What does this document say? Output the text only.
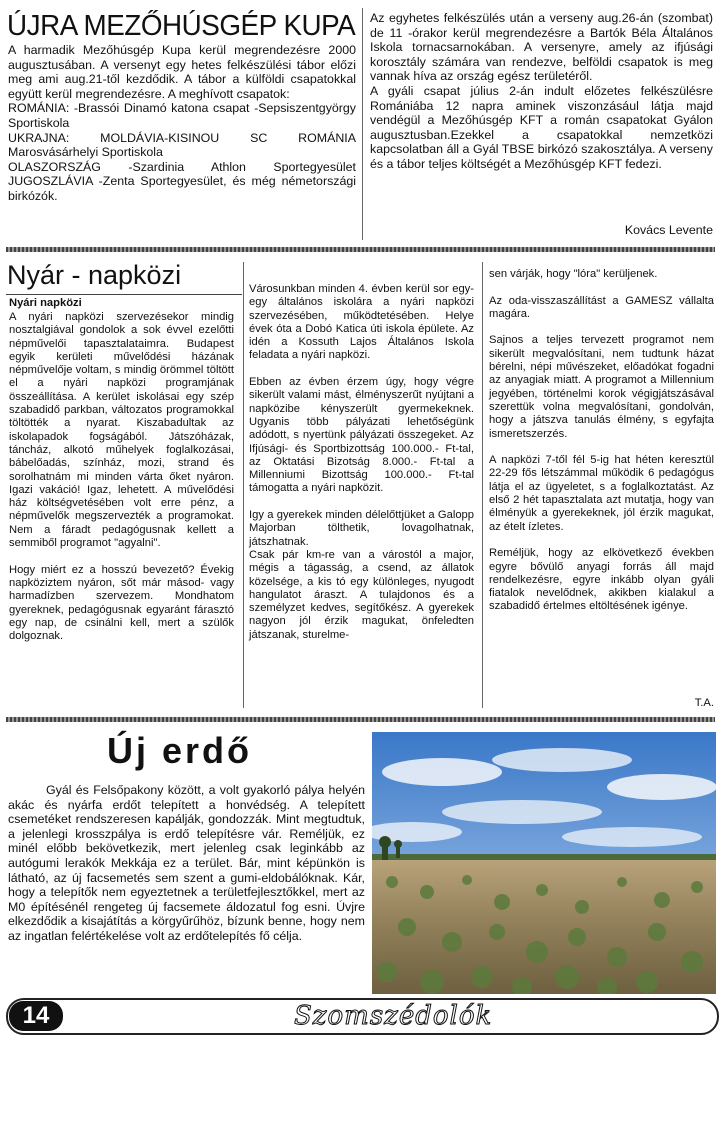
ÚJRA MEZŐHÚSGÉP KUPA
A harmadik Mezőhúsgép Kupa kerül megrendezésre 2000 augusztusában. A versenyt egy hetes felkészülési tábor előzi meg ami aug.21-től kezdődik. A tábor a külföldi csapatokkal együtt kerül megrendezésre. A meghívott csapatok:
ROMÁNIA: -Brassói Dinamó katona csapat -Sepsiszentgyörgy Sportiskola
UKRAJNA: MOLDÁVIA-KISINOU SC ROMÁNIA Marosvásárhelyi Sportiskola
OLASZORSZÁG -Szardinia Athlon Sportegyesület JUGOSZLÁVIA -Zenta Sportegyesület, és még németországi birkózók.
Az egyhetes felkészülés után a verseny aug.26-án (szombat) de 11 -órakor kerül megrendezésre a Bartók Béla Általános Iskola tornacsarnokában. A versenyre, amely az ifjúsági korosztály számára van rendezve, belföldi csapatok is meg vannak híva az ország egész területéről.
A gyáli csapat július 2-án indult előzetes felkészülésre Romániába 12 napra aminek viszonzásául látja majd vendégül a Mezőhúsgép KFT a román csapatokat Gyálon augusztusban.Ezekkel a csapatokkal nemzetközi kapcsolatban áll a Gyál TBSE birkózó szakosztálya. A verseny és a tábor teljes költségét a Mezőhúsgép KFT fedezi.
Kovács Levente
Nyár - napközi
Nyári napközi
A nyári napközi szervezésekor mindig nosztalgiával gondolok a sok évvel ezelőtti népművelői tapasztalataimra. Budapest egyik kerületi művelődési házának népművelője voltam, s mindig örömmel töltött el a nyári napközi programjának összeállítása. A kerület iskolásai egy szép szabadidő parkban, változatos programokkal töltötték a nyarat. Kiszabadultak az iskolapadok fogságából. Játszóházak, táncház, alkotó műhelyek foglalkozásai, bábelőadás, színház, mozi, strand és sorolhatnám mi minden várta őket nyáron. Igazi vakáció! Igaz, lehetett. A művelődési ház költségvetésében volt erre pénz, a népművelők megszervezték a programokat. Nem a fáradt pedagógusnak kellett a semmiből programot "agyalni".

Hogy miért ez a hosszú bevezető? Évekig napköziztem nyáron, sőt már másod- vagy harmadízben szervezem. Mondhatom gyereknek, pedagógusnak egyaránt fárasztó egy nap, de csinálni kell, mert a szülők dolgoznak.
Városunkban minden 4. évben kerül sor egy-egy általános iskolára a nyári napközi szervezésében, működtetésében. Helye évek óta a Dobó Katica úti iskola épülete. Az idén a Kossuth Lajos Általános Iskola feladata a nyári napközi.

Ebben az évben érzem úgy, hogy végre sikerült valami mást, élményszerűt nyújtani a napközibe kényszerült gyermekeknek. Ugyanis több pályázati lehetőségünk adódott, s nyertünk pályázati összegeket. Az Ifjúsági- és Sportbizottság 100.000.- Ft-tal, az Oktatási Bizotság 8.000.- Ft-tal a Millenniumi Bizottság 100.000.- Ft-tal támogatta a nyári napközit.

Igy a gyerekek minden délelőttjüket a Galopp Majorban tölthetik, lovagolhatnak, játszhatnak.
Csak pár km-re van a várostól a major, mégis a tágasság, a csend, az állatok közelsége, a kis tó egy különleges, nyugodt hangulatot áraszt. A tulajdonos és a személyzet kedves, segítőkész. A gyerekek nagyon jól érzik magukat, önfeledten játszanak, sturelme-
sen várják, hogy "lóra" kerüljenek.

Az oda-visszaszállítást a GAMESZ vállalta magára.

Sajnos a teljes tervezett programot nem sikerült megvalósítani, nem tudtunk házat bérelni, népi művészeket, előadókat fogadni az anyagiak miatt. A programot a Millennium jegyében, történelmi korok végigjátszásával szerettük volna megvalósítani, gondolván, hogy a játszva tanulás élmény, s egyfajta ismeretszerzés.

A napközi 7-től fél 5-ig hat héten keresztül 22-29 fős létszámmal működik 6 pedagógus látja el az ügyeletet, s a foglalkoztatást. Az első 2 hét tapasztalata azt mutatja, hogy van élményük a gyerekeknek, jól érzik magukat, az ételt ízletes.

Reméljük, hogy az elkövetkező években egyre bővülő anyagi forrás áll majd rendelkezésre, egyre inkább olyan gyáli fiatalok nevelődnek, akikben kialakul a szabadidő értelmes eltöltésének igénye.
T.A.
Új erdő
Gyál és Felsőpakony között, a volt gyakorló pálya helyén akác és nyárfa erdőt telepített a honvédség. A telepített csemetéket rendszeresen kapálják, gondozzák. Mint megtudtuk, a jelenlegi krosszpálya is erdő telepítésre vár. Reméljük, ez minél előbb bekövetkezik, mert jelenleg csak leginkább az autógumi lerakók Mekkája ez a terület. Bár, mint képünkön is látható, az új facsemetés sem szent a gumi-eldobálóknak. Kár, hogy a telepítők nem egyeztetnek a területfejlesztőkkel, mert az M0 építésénél rengeteg új facsemete áldozatul fog esni. Úvjre elkezdődik a kisajátítás a körgyűrűhöz, bízunk benne, hogy nem az ingatlan felértékelése volt az erdőtelepítés fő célja.
14	Szomszédolók
